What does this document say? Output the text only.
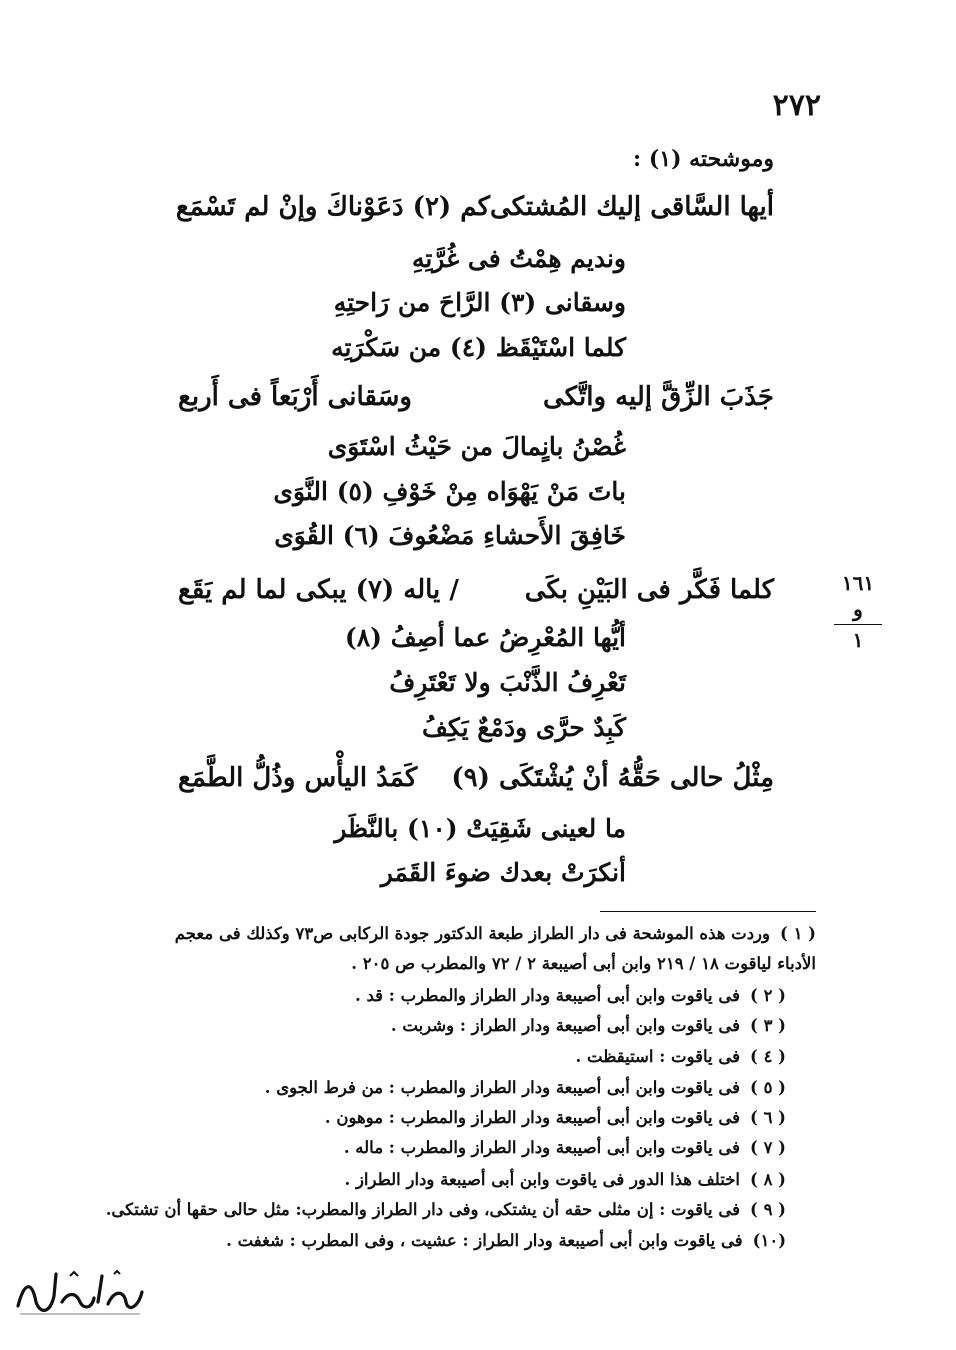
٢٧٢
وموشحته (١) :
أيها السَّاقى إليك المُشتكى
كم (٢) دَعَوْناكَ وإنْ لم تَسْمَع
ونديم هِمْتُ فى غُرَّتِهِ
وسقانى (٣) الرَّاحَ من رَاحتِهِ
كلما اسْتَيْقَظ (٤) من سَكْرَتِه
جَذَبَ الزِّقَّ إليه واتَّكى
وسَقانى أَرْبَعاً فى أَربع
غُصْنُ بانٍمالَ من حَيْثُ اسْتَوَى
باتَ مَنْ يَهْوَاه مِنْ خَوْفِ (٥) النَّوَى
خَافِقَ الأَحشاءِ مَضْعُوفَ (٦) القُوَى
كلما فَكَّر فى البَيْنِ بكَى
/ ياله (٧) يبكى لما لم يَقَع
أيُّها المُعْرِضُ عما أصِفُ (٨)
تَعْرِفُ الذَّنْبَ ولا تَعْتَرِفُ
كَبِدٌ حرَّى ودَمْعٌ يَكِفُ
مِثْلُ حالى حَقُّهُ أنْ يُشْتَكَى (٩)
كَمَدُ اليأْس وذُلُّ الطَّمَع
ما لعينى شَقِيَتْ (١٠) بالنَّظَر
أنكرَتْ بعدك ضوءَ القَمَر
١٦١ و
١
( ١ )وردت هذه الموشحة فى دار الطراز طبعة الدكتور جودة الركابى ص٧٣ وكذلك فى معجم
الأدباء لياقوت ١٨ / ٢١٩ وابن أبى أصيبعة ٢ / ٧٢ والمطرب ص ٢٠٥ .
( ٢ )فى ياقوت وابن أبى أصيبعة ودار الطراز والمطرب : قد .
( ٣ )فى ياقوت وابن أبى أصيبعة ودار الطراز : وشربت .
( ٤ )فى ياقوت : استيقظت .
( ٥ )فى ياقوت وابن أبى أصيبعة ودار الطراز والمطرب : من فرط الجوى .
( ٦ )فى ياقوت وابن أبى أصيبعة ودار الطراز والمطرب : موهون .
( ٧ )فى ياقوت وابن أبى أصيبعة ودار الطراز والمطرب : ماله .
( ٨ )اختلف هذا الدور فى ياقوت وابن أبى أصيبعة ودار الطراز .
( ٩ )فى ياقوت : إن مثلى حقه أن يشتكى، وفى دار الطراز والمطرب: مثل حالى حقها أن تشتكى.
(١٠)فى ياقوت وابن أبى أصيبعة ودار الطراز : عشيت ، وفى المطرب : شغفت .
